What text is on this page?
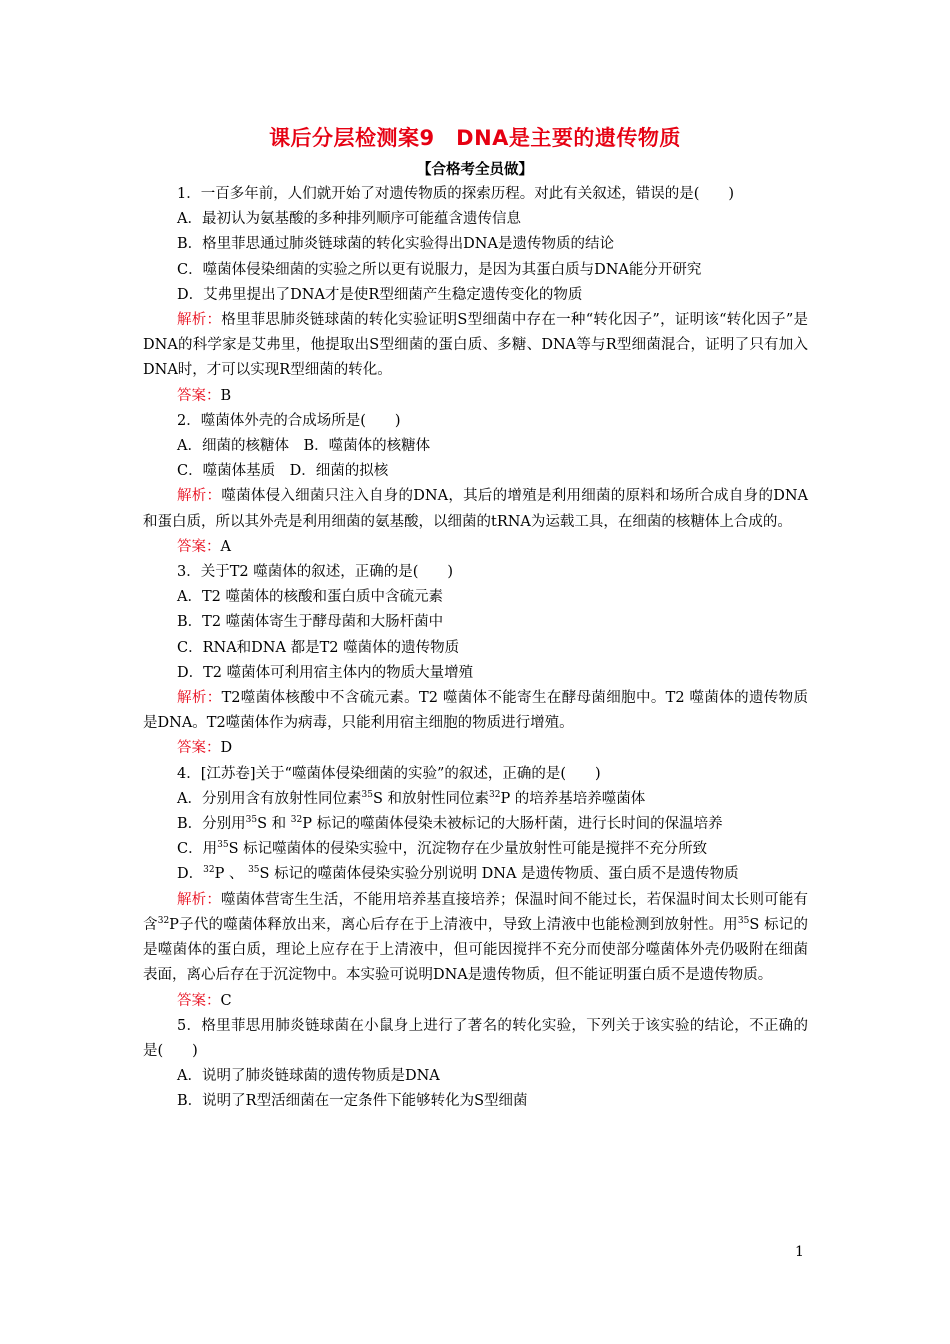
课后分层检测案9　DNA是主要的遗传物质
【合格考全员做】

1．一百多年前，人们就开始了对遗传物质的探索历程。对此有关叙述，错误的是(　　)

A．最初认为氨基酸的多种排列顺序可能蕴含遗传信息

B．格里菲思通过肺炎链球菌的转化实验得出DNA是遗传物质的结论

C．噬菌体侵染细菌的实验之所以更有说服力，是因为其蛋白质与DNA能分开研究

D．艾弗里提出了DNA才是使R型细菌产生稳定遗传变化的物质

解析：格里菲思肺炎链球菌的转化实验证明S型细菌中存在一种“转化因子”，证明该“转化因子”是DNA的科学家是艾弗里，他提取出S型细菌的蛋白质、多糖、DNA等与R型细菌混合，证明了只有加入DNA时，才可以实现R型细菌的转化。

答案：B

2．噬菌体外壳的合成场所是(　　)

A．细菌的核糖体　B．噬菌体的核糖体

C．噬菌体基质　D．细菌的拟核

解析：噬菌体侵入细菌只注入自身的DNA，其后的增殖是利用细菌的原料和场所合成自身的DNA和蛋白质，所以其外壳是利用细菌的氨基酸，以细菌的tRNA为运载工具，在细菌的核糖体上合成的。

答案：A

3．关于T2 噬菌体的叙述，正确的是(　　)

A．T2 噬菌体的核酸和蛋白质中含硫元素

B．T2 噬菌体寄生于酵母菌和大肠杆菌中

C．RNA和DNA 都是T2 噬菌体的遗传物质

D．T2 噬菌体可利用宿主体内的物质大量增殖

解析：T2噬菌体核酸中不含硫元素。T2 噬菌体不能寄生在酵母菌细胞中。T2 噬菌体的遗传物质是DNA。T2噬菌体作为病毒，只能利用宿主细胞的物质进行增殖。

答案：D

4．[江苏卷]关于“噬菌体侵染细菌的实验”的叙述，正确的是(　　)

A．分别用含有放射性同位素$^{35}$S 和放射性同位素$^{32}$P 的培养基培养噬菌体

B．分别用$^{35}$S 和 $^{32}$P 标记的噬菌体侵染未被标记的大肠杆菌，进行长时间的保温培养

C．用$^{35}$S 标记噬菌体的侵染实验中，沉淀物存在少量放射性可能是搅拌不充分所致

D．$^{32}$P 、 $^{35}$S 标记的噬菌体侵染实验分别说明 DNA 是遗传物质、蛋白质不是遗传物质

解析：噬菌体营寄生生活，不能用培养基直接培养；保温时间不能过长，若保温时间太长则可能有含$^{32}$P子代的噬菌体释放出来，离心后存在于上清液中，导致上清液中也能检测到放射性。用$^{35}$S 标记的是噬菌体的蛋白质，理论上应存在于上清液中，但可能因搅拌不充分而使部分噬菌体外壳仍吸附在细菌表面，离心后存在于沉淀物中。本实验可说明DNA是遗传物质，但不能证明蛋白质不是遗传物质。

答案：C

5．格里菲思用肺炎链球菌在小鼠身上进行了著名的转化实验，下列关于该实验的结论，不正确的是(　　)

A．说明了肺炎链球菌的遗传物质是DNA

B．说明了R型活细菌在一定条件下能够转化为S型细菌

1
